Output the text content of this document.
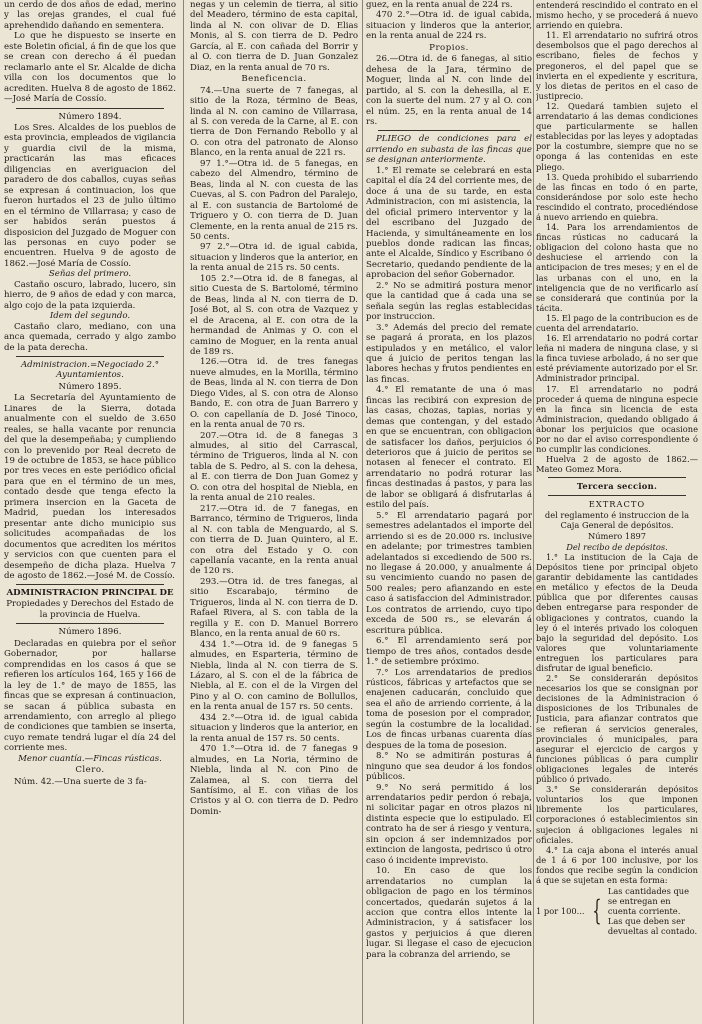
un cerdo de dos años de edad, merino y las orejas grandes, el cual fué aprehendido dañando en sementera.

Lo que he dispuesto se inserte en este Boletin oficial, á fin de que los que se crean con derecho á él puedan reclamarlo ante el Sr. Alcalde de dicha villa con los documentos que lo acrediten. Huelva 8 de agosto de 1862.—José María de Cossío.

Número 1894.

Los Sres. Alcaldes de los pueblos de esta provincia, empleados de vigilancia y guardia civil de la misma, practicarán las mas eficaces diligencias en averiguacion del paradero de dos caballos, cuyas señas se expresan á continuacion, los que fueron hurtados el 23 de julio último en el término de Villarrasa; y caso de ser habidos serán puestos á disposicion del Juzgado de Moguer con las personas en cuyo poder se encuentren. Huelva 9 de agosto de 1862.—José María de Cossío.

Señas del primero.

Castaño oscuro, labrado, lucero, sin hierro, de 9 años de edad y con marca, algo cojo de la pata izquierda.

Idem del segundo.

Castaño claro, mediano, con una anca quemada, cerrado y algo zambo de la pata derecha.

Administracion.=Negociado 2.° Ayuntamientos.

Número 1895.

La Secretaría del Ayuntamiento de Linares de la Sierra, dotada anualmente con el sueldo de 3.650 reales, se halla vacante por renuncia del que la desempeñaba; y cumpliendo con lo prevenido por Real decreto de 19 de octubre de 1853, se hace público por tres veces en este periódico oficial para que en el término de un mes, contado desde que tenga efecto la primera insercion en la Gaceta de Madrid, puedan los interesados presentar ante dicho municipio sus solicitudes acompañadas de los documentos que acrediten los méritos y servicios con que cuenten para el desempeño de dicha plaza. Huelva 7 de agosto de 1862.—José M. de Cossío.

ADMINISTRACION PRINCIPAL DE

Propiedades y Derechos del Estado de la provincia de Huelva.

Número 1896.

Declaradas en quiebra por el señor Gobernador, por hallarse comprendidas en los casos á que se refieren los artículos 164, 165 y 166 de la ley de 1.° de mayo de 1855, las fincas que se expresan á continuacion, se sacan á pública subasta en arrendamiento, con arreglo al pliego de condiciones que tambien se inserta, cuyo remate tendrá lugar el día 24 del corriente mes.

Menor cuantía.—Fincas rústicas.

Clero.

Núm. 42.—Una suerte de 3 fa-

negas y un celemin de tierra, al sitio del Meadero, término de esta capital, linda al N. con olivar de D. Elias Monis, al S. con tierra de D. Pedro García, al E. con cañada del Borrir y al O. con tierra de D. Juan Gonzalez Diaz, en la renta anual de 70 rs.

Beneficencia.

74.—Una suerte de 7 fanegas, al sitio de la Roza, término de Beas, linda al N. con camino de Villarrasa, al S. con vereda de la Carne, al E. con tierra de Don Fernando Rebollo y al O. con otra del patronato de Alonso Blanco, en la renta anual de 221 rs.

97 1.°—Otra id. de 5 fanegas, en cabezo del Almendro, término de Beas, linda al N. con cuesta de las Cuevas, al S. con Padron del Paralejo, al E. con sustancia de Bartolomé de Triguero y O. con tierra de D. Juan Clemente, en la renta anual de 215 rs. 50 cents.

97 2.°—Otra id. de igual cabida, situacion y linderos que la anterior, en la renta anual de 215 rs. 50 cents.

105 2.°—Otra id. de 8 fanegas, al sitio Cuesta de S. Bartolomé, término de Beas, linda al N. con tierra de D. José Bot, al S. con otra de Vazquez y el de Aracena, al E. con otra de la hermandad de Animas y O. con el camino de Moguer, en la renta anual de 189 rs.

126.—Otra id. de tres fanegas nueve almudes, en la Morilla, término de Beas, linda al N. con tierra de Don Diego Vides, al S. con otra de Alonso Bando, E. con otra de Juan Barrero y O. con capellanía de D. José Tinoco, en la renta anual de 70 rs.

207.—Otra id. de 8 fanegas 3 almudes, al sitio del Carrascal, término de Trigueros, linda al N. con tabla de S. Pedro, al S. con la dehesa, al E. con tierra de Don Juan Gomez y O. con otra del hospital de Niebla, en la renta anual de 210 reales.

217.—Otra id. de 7 fanegas, en Barranco, término de Trigueros, linda al N. con tabla de Menguardo, al S. con tierra de D. Juan Quintero, al E. con otra del Estado y O. con capellanía vacante, en la renta anual de 120 rs.

293.—Otra id. de tres fanegas, al sitio Escarabajo, término de Trigueros, linda al N. con tierra de D. Rafael Rivera, al S. con tabla de la regilla y E. con D. Manuel Borrero Blanco, en la renta anual de 60 rs.

434 1.°—Otra id. de 9 fanegas 5 almudes, en Esparteria, término de Niebla, linda al N. con tierra de S. Lázaro, al S. con el de la fábrica de Niebla, al E. con el de la Virgen del Pino y al O. con camino de Bollullos, en la renta anual de 157 rs. 50 cents.

434 2.°—Otra id. de igual cabida situacion y linderos que la anterior, en la renta anual de 157 rs. 50 cents.

470 1.°—Otra id. de 7 fanegas 9 almudes, en La Noria, término de Niebla, linda al N. con Pino de Zalamea, al S. con tierra del Santísimo, al E. con viñas de los Cristos y al O. con tierra de D. Pedro Domin-

guez, en la renta anual de 224 rs.

470 2.°—Otra id. de igual cabida, situacion y linderos que la anterior, en la renta anual de 224 rs.

Propios.

26.—Otra id. de 6 fanegas, al sitio dehesa de la Jara, término de Moguer, linda al N. con linde del partido, al S. con la dehesilla, al E. con la suerte del num. 27 y al O. con el núm. 25, en la renta anual de 14 rs.

PLIEGO de condiciones para el arriendo en subasta de las fincas que se designan anteriormente.

1.° El remate se celebrará en esta capital el día 24 del corriente mes, de doce á una de su tarde, en esta Administracion, con mi asistencia, la del oficial primero interventor y la del escribano del Juzgado de Hacienda, y simultáneamente en los pueblos donde radican las fincas, ante el Alcalde, Síndico y Escribano ó Secretario, quedando pendiente de la aprobacion del señor Gobernador.

2.° No se admitirá postura menor que la cantidad que á cada una se señala según las reglas establecidas por instruccion.

3.° Además del precio del remate se pagará á prorata, en los plazos estipulados y en metálico, el valor que á juicio de peritos tengan las labores hechas y frutos pendientes en las fincas.

4.° El rematante de una ó mas fincas las recibirá con expresion de las casas, chozas, tapias, norias y demas que contengan, y del estado en que se encuentran, con obligacion de satisfacer los daños, perjuicios ó deterioros que á juicio de peritos se notasen al fenecer el contrato. El arrendatario no podrá roturar las fincas destinadas á pastos, y para las de labor se obligará á disfrutarlas á estilo del país.

5.° El arrendatario pagará por semestres adelantados el importe del arriendo si es de 20.000 rs. inclusive en adelante; por trimestres tambien adelantados si excediendo de 500 rs. no llegase á 20.000, y anualmente á su vencimiento cuando no pasen de 500 reales; pero afianzando en este caso á satisfaccion del Administrador. Los contratos de arriendo, cuyo tipo exceda de 500 rs., se elevarán á escritura pública.

6.° El arrendamiento será por tiempo de tres años, contados desde 1.° de setiembre próximo.

7.° Los arrendatarios de predios rústicos, fábricas y artefactos que se enajenen caducarán, concluido que sea el año de arriendo corriente, á la toma de posesion por el comprador, según la costumbre de la localidad. Los de fincas urbanas cuarenta días despues de la toma de posesion.

8.° No se admitirán posturas á ninguno que sea deudor á los fondos públicos.

9.° No será permitido á los arrendatarios pedir perdon ó rebaja, ni solicitar pagar en otros plazos ni distinta especie que lo estipulado. El contrato ha de ser á riesgo y ventura, sin opcion á ser indemnizados por extincion de langosta, pedrisco ú otro caso ó incidente imprevisto.

10. En caso de que los arrendatarios no cumplan la obligacion de pago en los términos concertados, quedarán sujetos á la accion que contra ellos intente la Administracion, y á satisfacer los gastos y perjuicios á que dieren lugar. Si llegase el caso de ejecucion para la cobranza del arriendo, se

entenderá rescindido el contrato en el mismo hecho, y se procederá á nuevo arriendo en quiebra.

11. El arrendatario no sufrirá otros desembolsos que el pago derechos al escribano, fieles de fechos y pregoneros, el del papel que se invierta en el expediente y escritura, y los dietas de peritos en el caso de justiprecio.

12. Quedará tambien sujeto el arrendatario á las demas condiciones que particularmente se hallen establecidas por las leyes y adoptadas por la costumbre, siempre que no se oponga á las contenidas en este pliego.

13. Queda prohibido el subarriendo de las fincas en todo ó en parte, considerándose por solo este hecho rescindido el contrato, procediéndose á nuevo arriendo en quiebra.

14. Para los arrendamientos de fincas rústicas no caducará la obligacion del colono hasta que no deshuciese el arriendo con la anticipacion de tres meses; y en el de las urbanas con el uno, en la inteligencia que de no verificarlo así se considerará que continúa por la tácita.

15. El pago de la contribucion es de cuenta del arrendatario.

16. El arrendatario no podrá cortar leña ni madera de ninguna clase, y si la finca tuviese arbolado, á no ser que esté préviamente autorizado por el Sr. Administrador principal.

17. El arrendatario no podrá proceder á quema de ninguna especie en la finca sin licencia de esta Administracion, quedando obligado á abonar los perjuicios que ocasione por no dar el aviso correspondiente ó no cumplir las condiciones.

Huelva 2 de agosto de 1862.—Mateo Gomez Mora.

Tercera seccion.

EXTRACTO

del reglamento é instruccion de la Caja General de depósitos.

Número 1897

Del recibo de depósitos.

1.° La institucion de la Caja de Depósitos tiene por principal objeto garantir debidamente las cantidades en metálico y efectos de la Deuda pública que por diferentes causas deben entregarse para responder de obligaciones y contratos, cuando la ley ó el interés privado los coloquen bajo la seguridad del depósito. Los valores que voluntariamente entreguen los particulares para disfrutar de igual beneficio.

2.° Se considerarán depósitos necesarios los que se consignan por decisiones de la Administracion ó disposiciones de los Tribunales de Justicia, para afianzar contratos que se refieran á servicios generales, provinciales ó municipales, para asegurar el ejercicio de cargos y funciones públicas ó para cumplir obligaciones legales de interés público ó privado.

3.° Se considerarán depósitos voluntarios los que imponen libremente los particulares, corporaciones ó establecimientos sin sujecion á obligaciones legales ni oficiales.

4.° La caja abona el interés anual de 1 á 6 por 100 inclusive, por los fondos que recibe según la condicion á que se sujetan en esta forma:

1 por 100... {
Las cantidades que se entregan en cuenta corriente.
Las que deben ser devueltas al contado.
